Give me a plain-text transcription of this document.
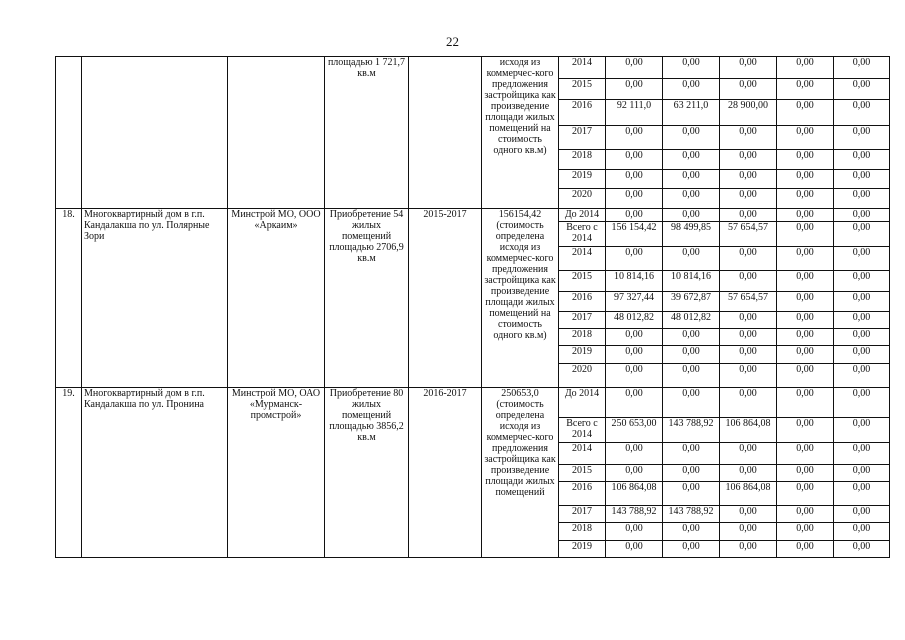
22
			площадью 1 721,7 кв.м		исходя из коммерчес-кого предложения застройщика как произведение площади жилых помещений на стоимость одного кв.м)	2014	0,00	0,00	0,00	0,00	0,00
						2015	0,00	0,00	0,00	0,00	0,00
						2016	92 111,0	63 211,0	28 900,00	0,00	0,00
						2017	0,00	0,00	0,00	0,00	0,00
						2018	0,00	0,00	0,00	0,00	0,00
						2019	0,00	0,00	0,00	0,00	0,00
						2020	0,00	0,00	0,00	0,00	0,00
18.	Многоквартирный дом в г.п. Кандалакша по ул. Полярные Зори	Минстрой МО, ООО «Аркаим»	Приобретение 54 жилых помещений площадью 2706,9 кв.м	2015-2017	156154,42 (стоимость определена исходя из коммерчес-кого предложения застройщика как произведение площади жилых помещений на стоимость одного кв.м)	До 2014	0,00	0,00	0,00	0,00	0,00
						Всего с 2014	156 154,42	98 499,85	57 654,57	0,00	0,00
						2014	0,00	0,00	0,00	0,00	0,00
						2015	10 814,16	10 814,16	0,00	0,00	0,00
						2016	97 327,44	39 672,87	57 654,57	0,00	0,00
						2017	48 012,82	48 012,82	0,00	0,00	0,00
						2018	0,00	0,00	0,00	0,00	0,00
						2019	0,00	0,00	0,00	0,00	0,00
						2020	0,00	0,00	0,00	0,00	0,00
19.	Многоквартирный дом в г.п. Кандалакша по ул. Пронина	Минстрой МО, ОАО «Мурманск-промстрой»	Приобретение 80 жилых помещений площадью 3856,2 кв.м	2016-2017	250653,0 (стоимость определена исходя из коммерчес-кого предложения застройщика как произведение площади жилых помещений	До 2014	0,00	0,00	0,00	0,00	0,00
						Всего с 2014	250 653,00	143 788,92	106 864,08	0,00	0,00
						2014	0,00	0,00	0,00	0,00	0,00
						2015	0,00	0,00	0,00	0,00	0,00
						2016	106 864,08	0,00	106 864,08	0,00	0,00
						2017	143 788,92	143 788,92	0,00	0,00	0,00
						2018	0,00	0,00	0,00	0,00	0,00
						2019	0,00	0,00	0,00	0,00	0,00
